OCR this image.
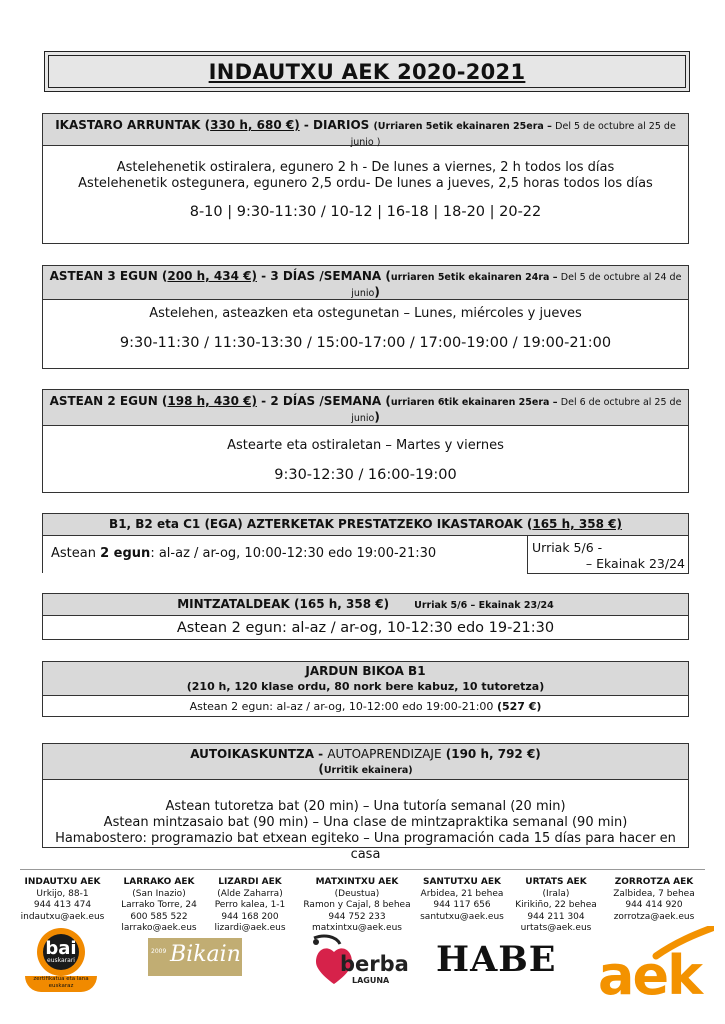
INDAUTXU AEK 2020-2021
IKASTARO ARRUNTAK (330 h, 680 €) - DIARIOS (Urriaren 5etik ekainaren 25era – Del 5 de octubre al 25 de junio )
Astelehenetik ostiralera, egunero 2 h - De lunes a viernes, 2 h todos los días
Astelehenetik ostegunera, egunero 2,5 ordu- De lunes a jueves, 2,5 horas todos los días
8-10 | 9:30-11:30 / 10-12 | 16-18 | 18-20 | 20-22
ASTEAN 3 EGUN (200 h, 434 €) - 3 DÍAS /SEMANA (urriaren 5etik ekainaren 24ra – Del 5 de octubre al 24 de junio)
Astelehen, asteazken eta ostegunetan – Lunes, miércoles y jueves
9:30-11:30 / 11:30-13:30 / 15:00-17:00 / 17:00-19:00 / 19:00-21:00
ASTEAN 2 EGUN (198 h, 430 €) - 2 DÍAS /SEMANA (urriaren 6tik ekainaren 25era – Del 6 de octubre al 25 de junio)
Astearte eta ostiraletan – Martes y viernes
9:30-12:30 / 16:00-19:00
B1, B2 eta C1 (EGA) AZTERKETAK PRESTATZEKO IKASTAROAK (165 h, 358 €)
Astean 2 egun: al-az / ar-og, 10:00-12:30 edo 19:00-21:30	Urriak 5/6 -
– Ekainak 23/24
MINTZATALDEAK (165 h, 358 €)	Urriak 5/6 – Ekainak 23/24
Astean 2 egun: al-az / ar-og, 10-12:30 edo 19-21:30
JARDUN BIKOA B1
(210 h, 120 klase ordu, 80 nork bere kabuz, 10 tutoretza)
Astean 2 egun: al-az / ar-og, 10-12:00 edo 19:00-21:00 (527 €)
AUTOIKASKUNTZA - AUTOAPRENDIZAJE (190 h, 792 €)
(Urritik ekainera)
Astean tutoretza bat (20 min) – Una tutoría semanal (20 min)
Astean mintzasaio bat (90 min) – Una clase de mintzapraktika semanal (90 min)
Hamabostero: programazio bat etxean egiteko – Una programación cada 15 días para hacer en casa
INDAUTXU AEK
Urkijo, 88-1
944 413 474
indautxu@aek.eus
LARRAKO AEK
(San Inazio)
Larrako Torre, 24
600 585 522
larrako@aek.eus
LIZARDI AEK
(Alde Zaharra)
Perro kalea, 1-1
944 168 200
lizardi@aek.eus
MATXINTXU AEK
(Deustua)
Ramon y Cajal, 8 behea
944 752 233
matxintxu@aek.eus
SANTUTXU AEK
Arbidea, 21 behea
944 117 656
santutxu@aek.eus
URTATS AEK
(Irala)
Kirikiño, 22 behea
944 211 304
urtats@aek.eus
ZORROTZA AEK
Zalbidea, 7 behea
944 414 920
zorrotza@aek.eus
bai
euskarari
zertifikatua eta lana euskaraz
2009 Bikain	berba
LAGUNA
HABE aek
